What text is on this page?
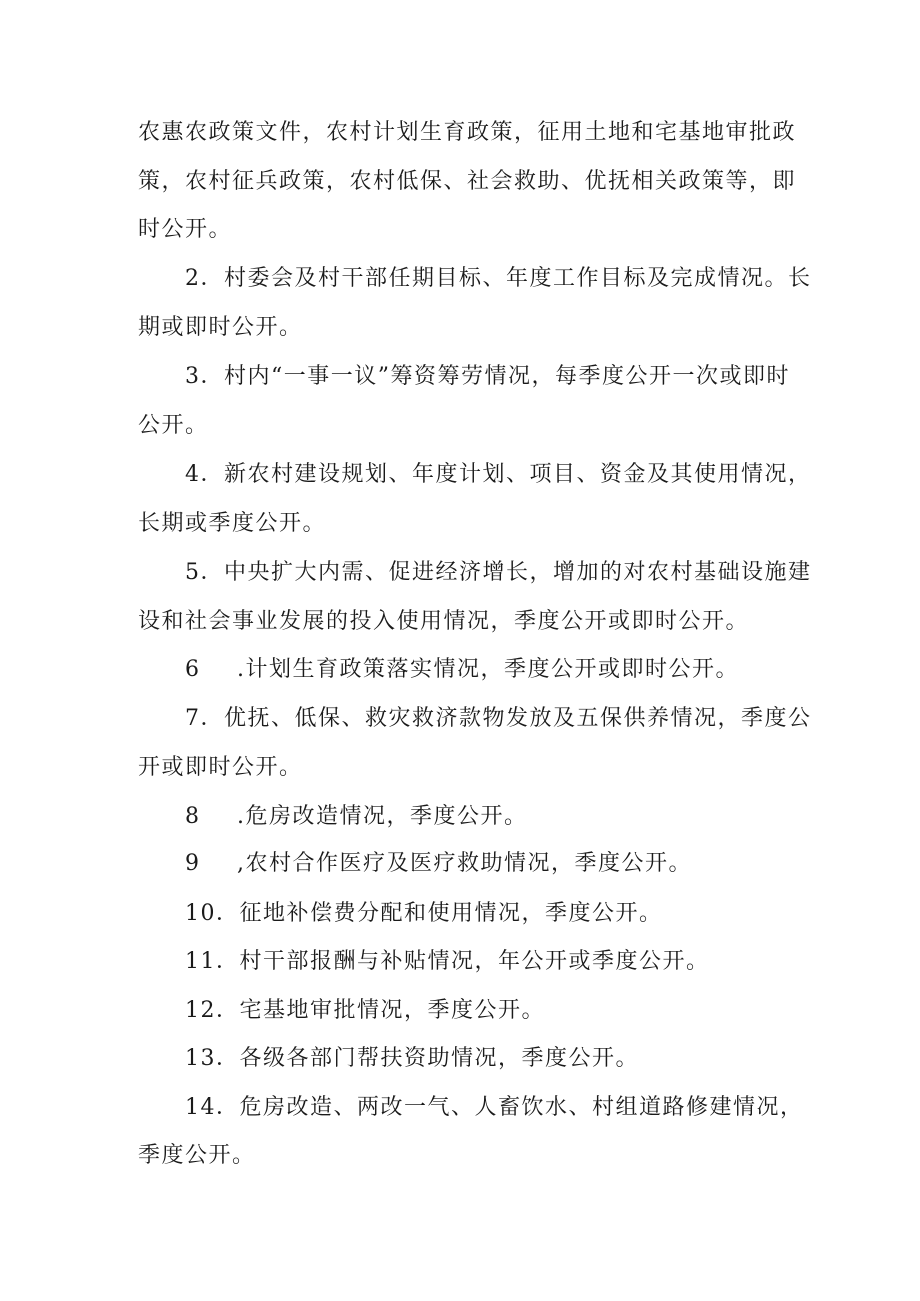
农惠农政策文件，农村计划生育政策，征用土地和宅基地审批政

策，农村征兵政策，农村低保、社会救助、优抚相关政策等，即

时公开。

2．村委会及村干部任期目标、年度工作目标及完成情况。长

期或即时公开。

3．村内“一事一议”筹资筹劳情况，每季度公开一次或即时

公开。

4．新农村建设规划、年度计划、项目、资金及其使用情况，

长期或季度公开。

5．中央扩大内需、促进经济增长，增加的对农村基础设施建

设和社会事业发展的投入使用情况，季度公开或即时公开。

6 .计划生育政策落实情况，季度公开或即时公开。

7．优抚、低保、救灾救济款物发放及五保供养情况，季度公

开或即时公开。

8 .危房改造情况，季度公开。

9 ,农村合作医疗及医疗救助情况，季度公开。

10．征地补偿费分配和使用情况，季度公开。

11．村干部报酬与补贴情况，年公开或季度公开。

12．宅基地审批情况，季度公开。

13．各级各部门帮扶资助情况，季度公开。

14．危房改造、两改一气、人畜饮水、村组道路修建情况，

季度公开。
